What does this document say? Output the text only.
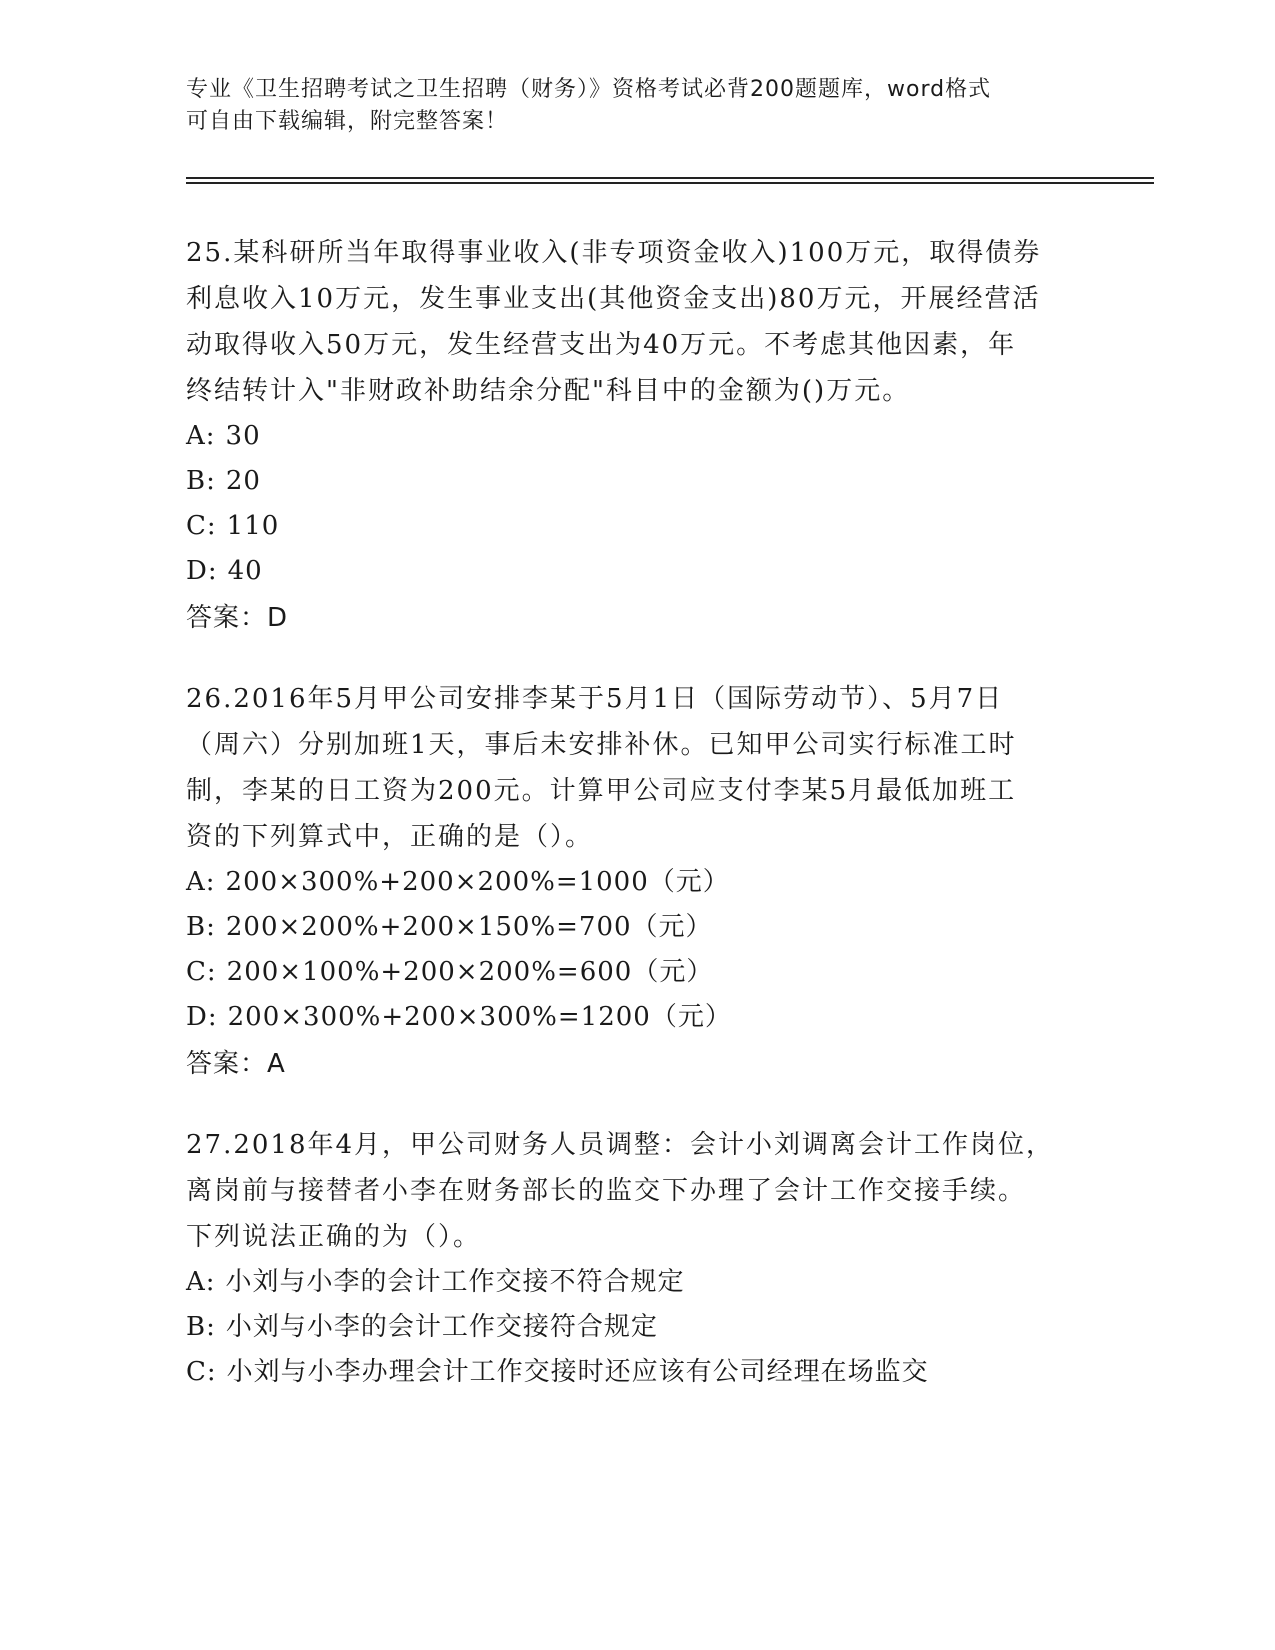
专业《卫生招聘考试之卫生招聘（财务）》资格考试必背200题题库，word格式
可自由下载编辑，附完整答案！
25.某科研所当年取得事业收入(非专项资金收入)100万元，取得债券
利息收入10万元，发生事业支出(其他资金支出)80万元，开展经营活
动取得收入50万元，发生经营支出为40万元。不考虑其他因素，年
终结转计入"非财政补助结余分配"科目中的金额为()万元。
A: 30
B: 20
C: 110
D: 40
答案：D
26.2016年5月甲公司安排李某于5月1日（国际劳动节）、5月7日
（周六）分别加班1天，事后未安排补休。已知甲公司实行标准工时
制，李某的日工资为200元。计算甲公司应支付李某5月最低加班工
资的下列算式中，正确的是（）。
A: 200×300%+200×200%=1000（元）
B: 200×200%+200×150%=700（元）
C: 200×100%+200×200%=600（元）
D: 200×300%+200×300%=1200（元）
答案：A
27.2018年4月，甲公司财务人员调整：会计小刘调离会计工作岗位，
离岗前与接替者小李在财务部长的监交下办理了会计工作交接手续。
下列说法正确的为（）。
A: 小刘与小李的会计工作交接不符合规定
B: 小刘与小李的会计工作交接符合规定
C: 小刘与小李办理会计工作交接时还应该有公司经理在场监交
